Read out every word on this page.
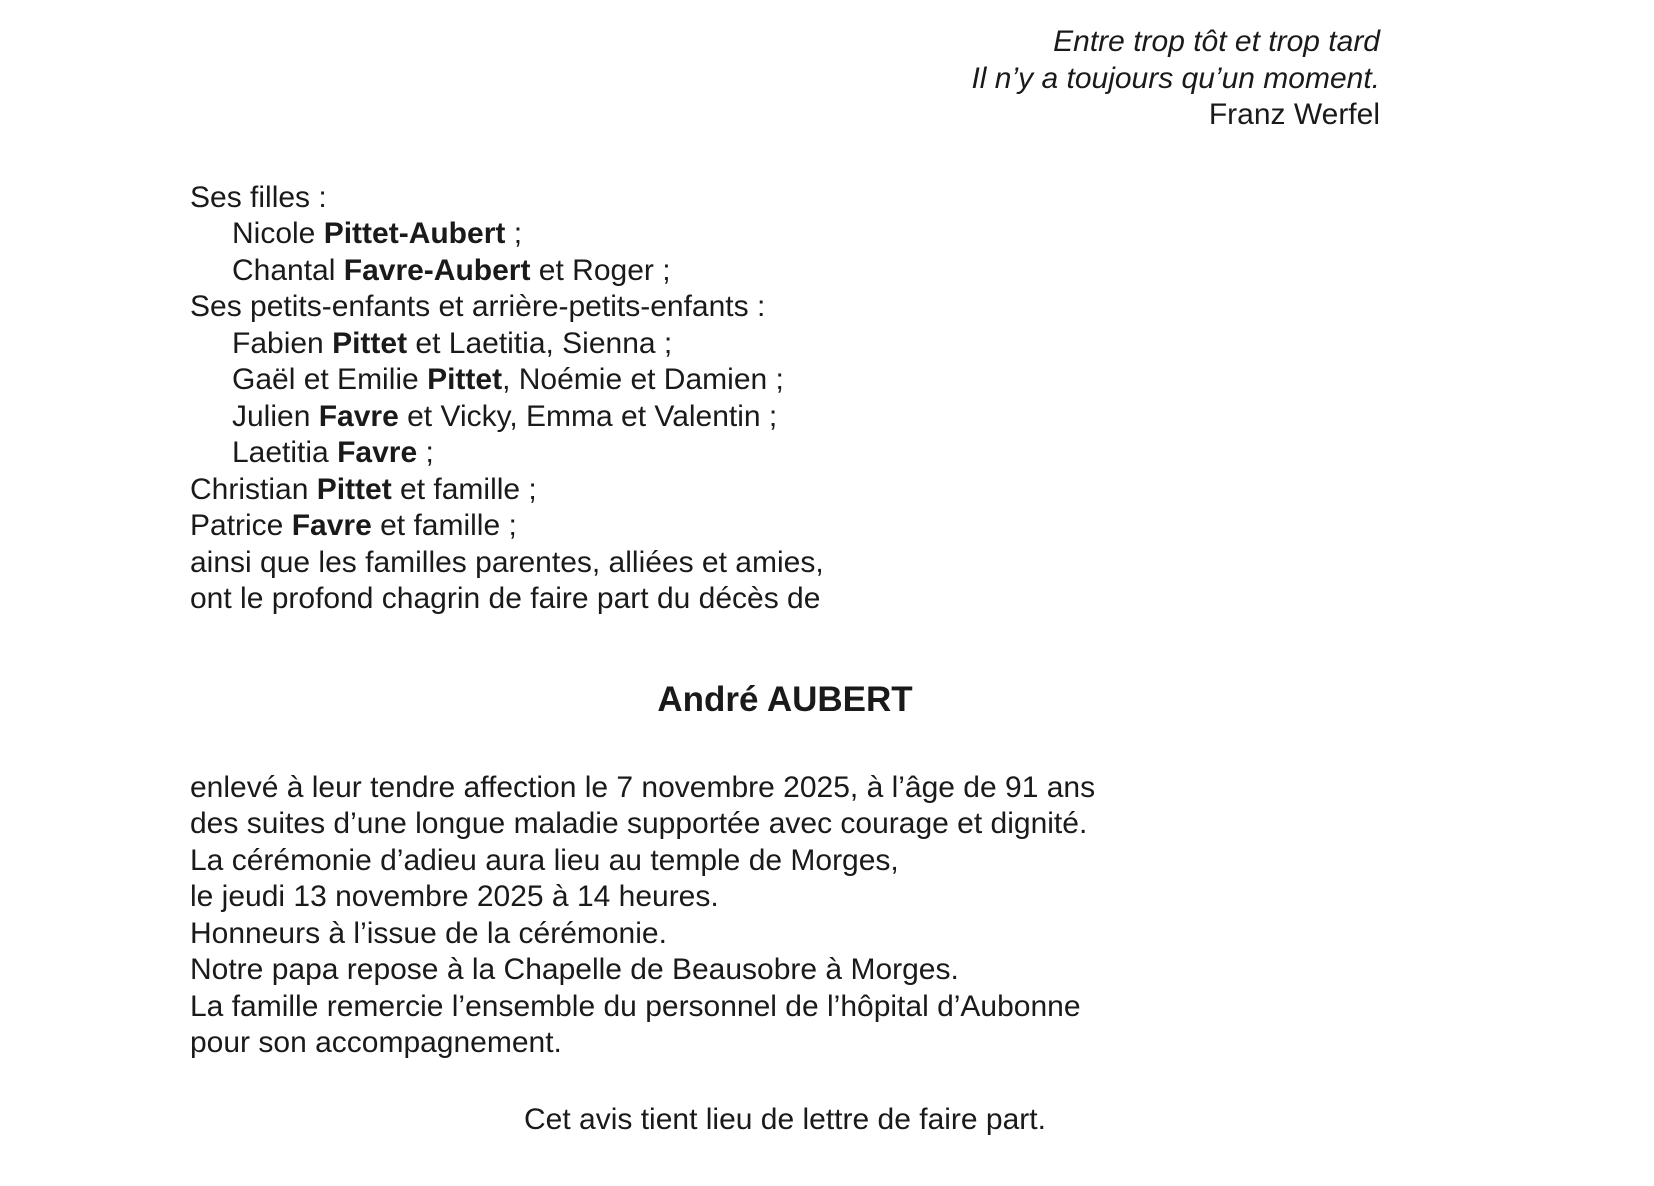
Entre trop tôt et trop tard
Il n’y a toujours qu’un moment.
Franz Werfel
Ses filles :
Nicole Pittet-Aubert ;
Chantal Favre-Aubert et Roger ;
Ses petits-enfants et arrière-petits-enfants :
Fabien Pittet et Laetitia, Sienna ;
Gaël et Emilie Pittet, Noémie et Damien ;
Julien Favre et Vicky, Emma et Valentin ;
Laetitia Favre ;
Christian Pittet et famille ;
Patrice Favre et famille ;
ainsi que les familles parentes, alliées et amies,
ont le profond chagrin de faire part du décès de
André AUBERT
enlevé à leur tendre affection le 7 novembre 2025, à l’âge de 91 ans
des suites d’une longue maladie supportée avec courage et dignité.
La cérémonie d’adieu aura lieu au temple de Morges,
le jeudi 13 novembre 2025 à 14 heures.
Honneurs à l’issue de la cérémonie.
Notre papa repose à la Chapelle de Beausobre à Morges.
La famille remercie l’ensemble du personnel de l’hôpital d’Aubonne
pour son accompagnement.
Cet avis tient lieu de lettre de faire part.
